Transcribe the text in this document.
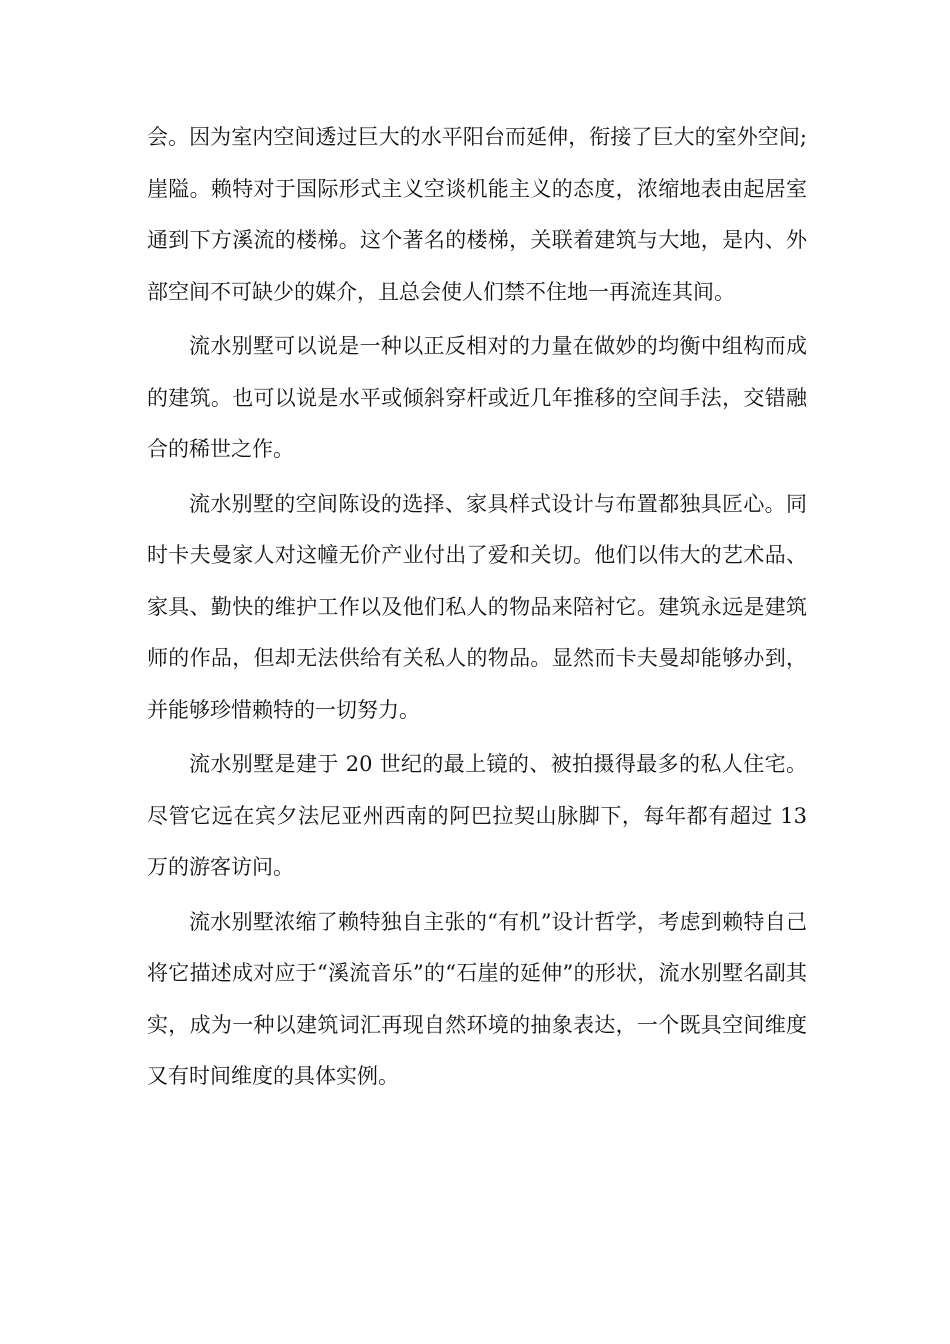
会。因为室内空间透过巨大的水平阳台而延伸，衔接了巨大的室外空间;崖隘。赖特对于国际形式主义空谈机能主义的态度，浓缩地表由起居室通到下方溪流的楼梯。这个著名的楼梯，关联着建筑与大地，是内、外部空间不可缺少的媒介，且总会使人们禁不住地一再流连其间。

流水别墅可以说是一种以正反相对的力量在做妙的均衡中组构而成的建筑。也可以说是水平或倾斜穿杆或近几年推移的空间手法，交错融合的稀世之作。

流水别墅的空间陈设的选择、家具样式设计与布置都独具匠心。同时卡夫曼家人对这幢无价产业付出了爱和关切。他们以伟大的艺术品、家具、勤快的维护工作以及他们私人的物品来陪衬它。建筑永远是建筑师的作品，但却无法供给有关私人的物品。显然而卡夫曼却能够办到，并能够珍惜赖特的一切努力。

流水别墅是建于 20 世纪的最上镜的、被拍摄得最多的私人住宅。尽管它远在宾夕法尼亚州西南的阿巴拉契山脉脚下，每年都有超过 13 万的游客访问。

流水别墅浓缩了赖特独自主张的“有机”设计哲学，考虑到赖特自己将它描述成对应于“溪流音乐”的“石崖的延伸”的形状，流水别墅名副其实，成为一种以建筑词汇再现自然环境的抽象表达，一个既具空间维度又有时间维度的具体实例。
